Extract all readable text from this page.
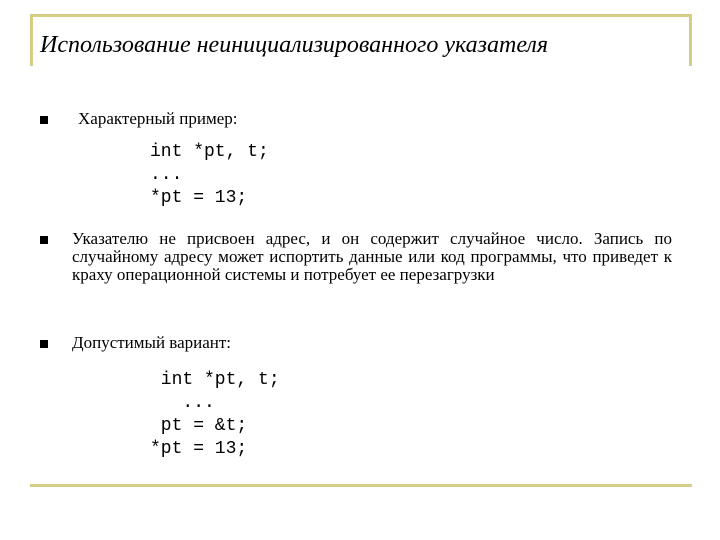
Использование неинициализированного указателя
Характерный пример:
int *pt, t;
...
*pt = 13;
Указателю не присвоен адрес, и он содержит случайное число. Запись по случайному адресу может испортить данные или код программы, что приведет к краху операционной системы и потребует ее перезагрузки
Допустимый вариант:
int *pt, t;
...
pt = &t;
*pt = 13;
